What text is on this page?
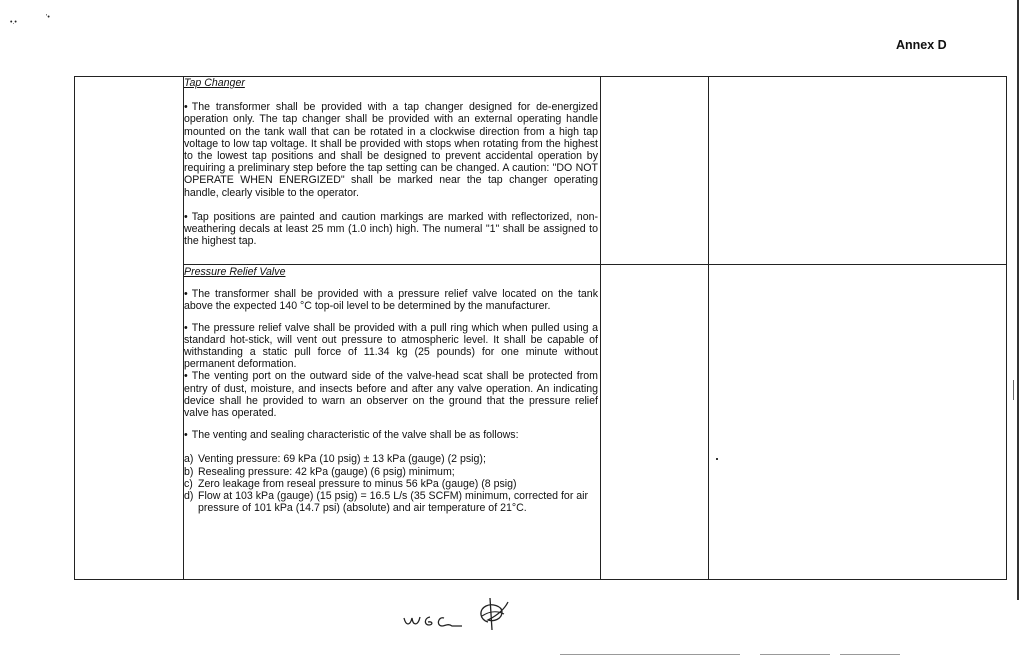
'•
•.•
Annex D
Tap Changer
• The transformer shall be provided with a tap changer designed for de-energized operation only. The tap changer shall be provided with an external operating handle mounted on the tank wall that can be rotated in a clockwise direction from a high tap voltage to low tap voltage. It shall be provided with stops when rotating from the highest to the lowest tap positions and shall be designed to prevent accidental operation by requiring a preliminary step before the tap setting can be changed. A caution: "DO NOT OPERATE WHEN ENERGIZED" shall be marked near the tap changer operating handle, clearly visible to the operator.
• Tap positions are painted and caution markings are marked with reflectorized, non-weathering decals at least 25 mm (1.0 inch) high. The numeral "1" shall be assigned to the highest tap.
Pressure Relief Valve
• The transformer shall be provided with a pressure relief valve located on the tank above the expected 140 °C top-oil level to be determined by the manufacturer.
• The pressure relief valve shall be provided with a pull ring which when pulled using a standard hot-stick, will vent out pressure to atmospheric level. It shall be capable of withstanding a static pull force of 11.34 kg (25 pounds) for one minute without permanent deformation.
• The venting port on the outward side of the valve-head scat shall be protected from entry of dust, moisture, and insects before and after any valve operation. An indicating device shall he provided to warn an observer on the ground that the pressure relief valve has operated.
• The venting and sealing characteristic of the valve shall be as follows:
a) Venting pressure: 69 kPa (10 psig) ± 13 kPa (gauge) (2 psig);
b) Resealing pressure: 42 kPa (gauge) (6 psig) minimum;
c) Zero leakage from reseal pressure to minus 56 kPa (gauge) (8 psig)
d) Flow at 103 kPa (gauge) (15 psig) = 16.5 L/s (35 SCFM) minimum, corrected for air pressure of 101 kPa (14.7 psi) (absolute) and air temperature of 21°C.
